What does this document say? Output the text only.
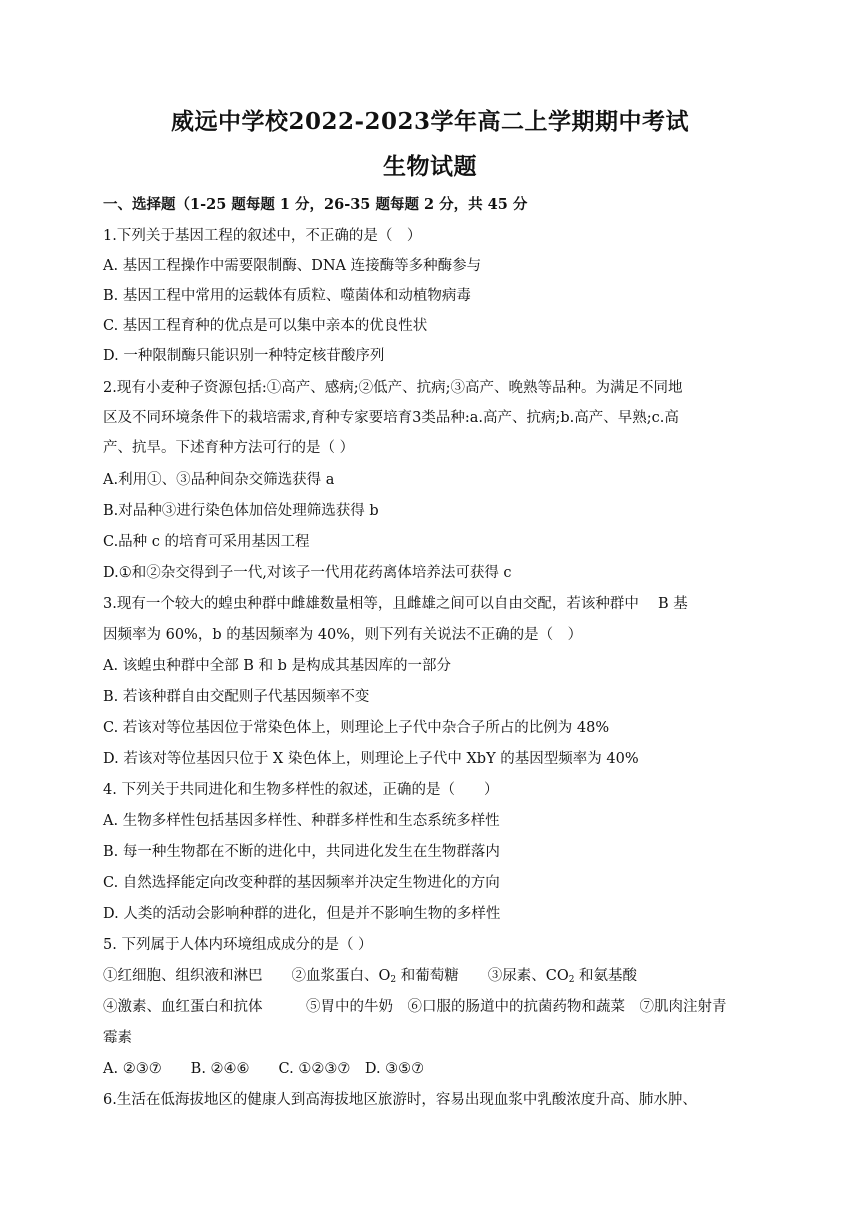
威远中学校2022-2023学年高二上学期期中考试
生物试题
一、选择题（1-25 题每题 1 分，26-35 题每题 2 分，共 45 分
1.下列关于基因工程的叙述中，不正确的是（　）
A. 基因工程操作中需要限制酶、DNA 连接酶等多种酶参与
B. 基因工程中常用的运载体有质粒、噬菌体和动植物病毒
C. 基因工程育种的优点是可以集中亲本的优良性状
D. 一种限制酶只能识别一种特定核苷酸序列
2.现有小麦种子资源包括:①高产、感病;②低产、抗病;③高产、晚熟等品种。为满足不同地
区及不同环境条件下的栽培需求,育种专家要培育3类品种:a.高产、抗病;b.高产、早熟;c.高
产、抗旱。下述育种方法可行的是（ ）
A.利用①、③品种间杂交筛选获得 a
B.对品种③进行染色体加倍处理筛选获得 b
C.品种 c 的培育可采用基因工程
D.①和②杂交得到子一代,对该子一代用花药离体培养法可获得 c
3.现有一个较大的蝗虫种群中雌雄数量相等，且雌雄之间可以自由交配，若该种群中　 B 基
因频率为 60%，b 的基因频率为 40%，则下列有关说法不正确的是（　）
A. 该蝗虫种群中全部 B 和 b 是构成其基因库的一部分
B. 若该种群自由交配则子代基因频率不变
C. 若该对等位基因位于常染色体上，则理论上子代中杂合子所占的比例为 48%
D. 若该对等位基因只位于 X 染色体上，则理论上子代中 XbY 的基因型频率为 40%
4. 下列关于共同进化和生物多样性的叙述，正确的是（　　）
A. 生物多样性包括基因多样性、种群多样性和生态系统多样性
B. 每一种生物都在不断的进化中，共同进化发生在生物群落内
C. 自然选择能定向改变种群的基因频率并决定生物进化的方向
D. 人类的活动会影响种群的进化，但是并不影响生物的多样性
5. 下列属于人体内环境组成成分的是（ ）
①红细胞、组织液和淋巴　　②血浆蛋白、$O_2$ 和葡萄糖　　③尿素、$CO_2$ 和氨基酸
④激素、血红蛋白和抗体　　　⑤胃中的牛奶　⑥口服的肠道中的抗菌药物和蔬菜　⑦肌肉注射青
霉素
A. ②③⑦　　B. ②④⑥　　C. ①②③⑦　D. ③⑤⑦
6.生活在低海拔地区的健康人到高海拔地区旅游时，容易出现血浆中乳酸浓度升高、肺水肿、
